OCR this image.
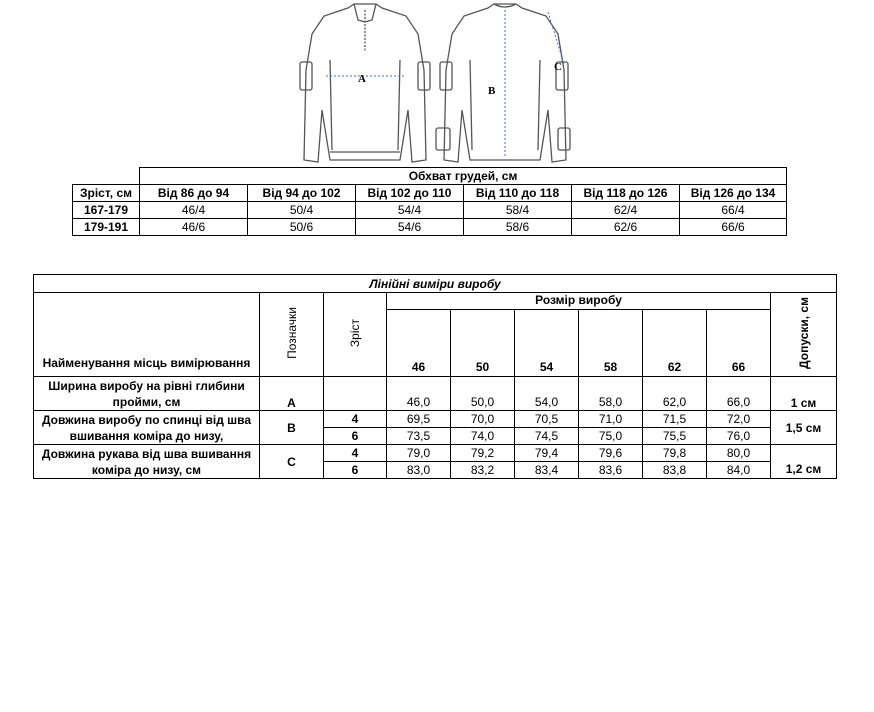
A
B
C
	Обхват грудей, см					
Зріст, см	Від 86 до 94	Від 94 до 102	Від 102 до 110	Від 110 до 118	Від 118 до 126	Від 126 до 134
167-179	46/4	50/4	54/4	58/4	62/4	66/4
179-191	46/6	50/6	54/6	58/6	62/6	66/6
Лінійні виміри виробу									
Найменування місць вимірювання	Позначки	Зріст	Розмір виробу						Допуски, см
			46	50	54	58	62	66	
Ширина виробу на рівні глибини пройми, см	A		46,0	50,0	54,0	58,0	62,0	66,0	1 см
Довжина виробу по спинці від шва вшивання коміра до низу,	B	4	69,5	70,0	70,5	71,0	71,5	72,0	1,5 см
		6	73,5	74,0	74,5	75,0	75,5	76,0	
Довжина рукава від шва вшивання коміра до низу, см	C	4	79,0	79,2	79,4	79,6	79,8	80,0	1,2 см
		6	83,0	83,2	83,4	83,6	83,8	84,0	
